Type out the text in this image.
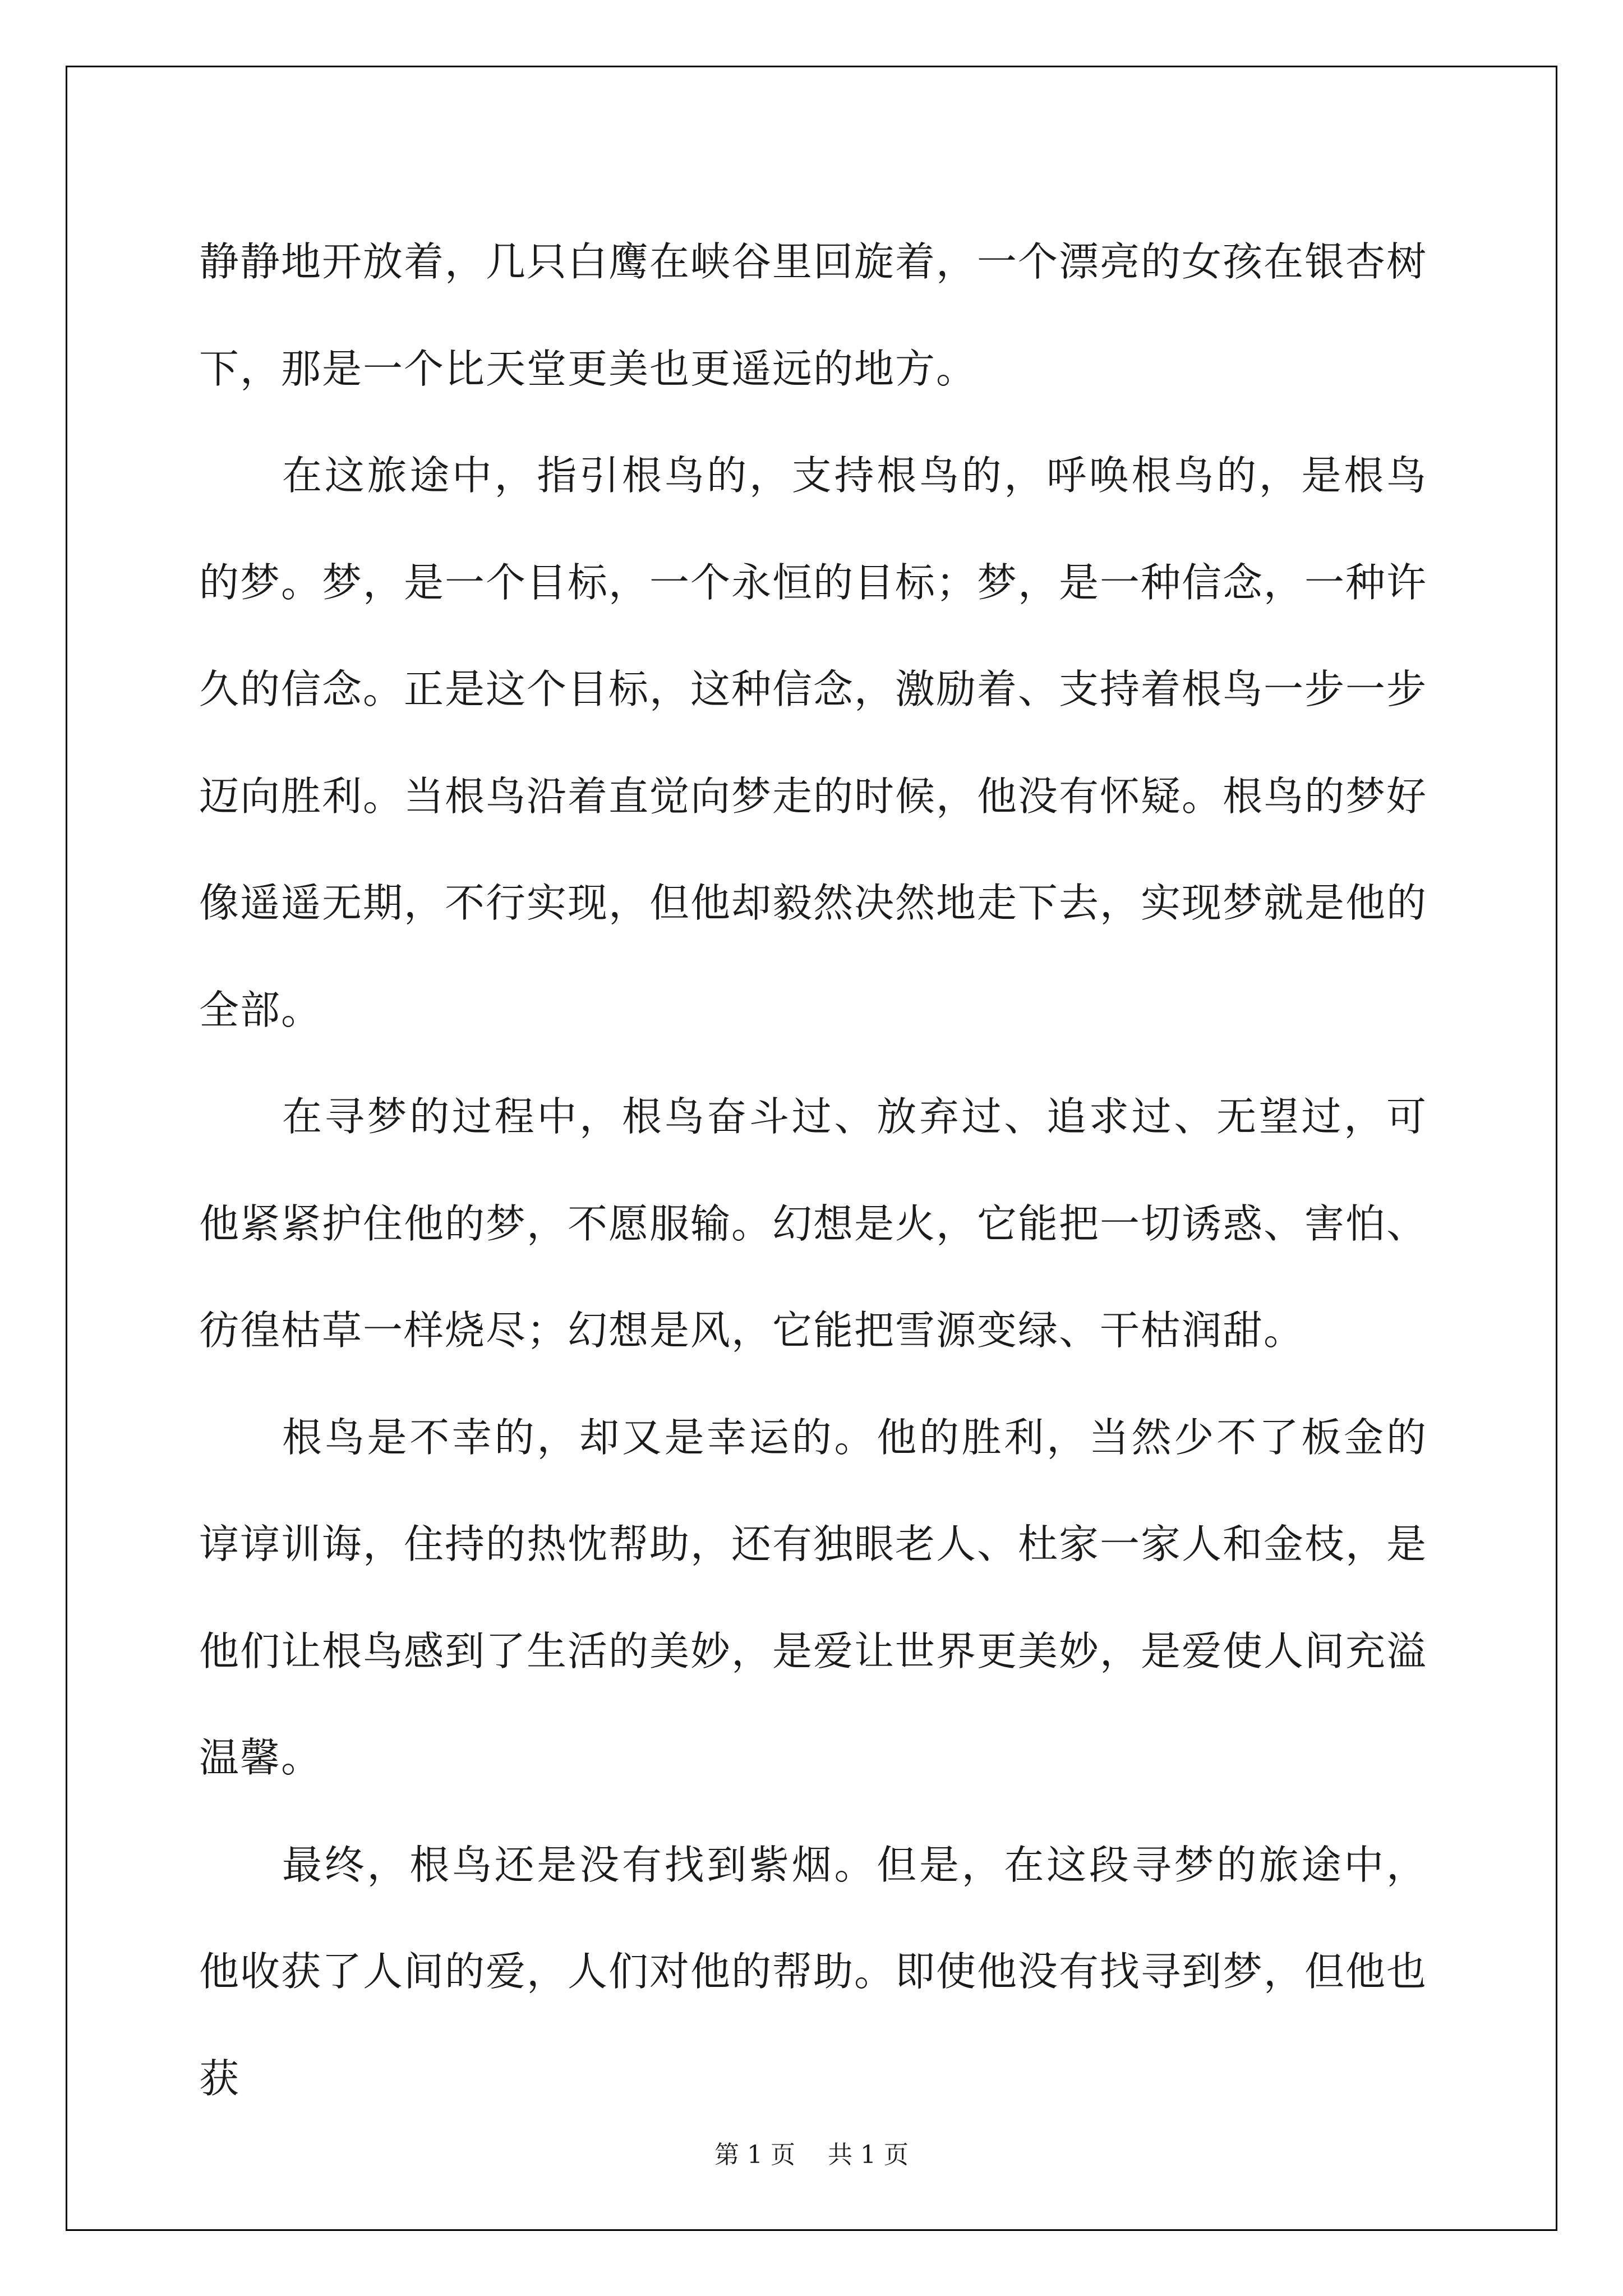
静静地开放着，几只白鹰在峡谷里回旋着，一个漂亮的女孩在银杏树下，那是一个比天堂更美也更遥远的地方。

在这旅途中，指引根鸟的，支持根鸟的，呼唤根鸟的，是根鸟的梦。梦，是一个目标，一个永恒的目标；梦，是一种信念，一种许久的信念。正是这个目标，这种信念，激励着、支持着根鸟一步一步迈向胜利。当根鸟沿着直觉向梦走的时候，他没有怀疑。根鸟的梦好像遥遥无期，不行实现，但他却毅然决然地走下去，实现梦就是他的全部。

在寻梦的过程中，根鸟奋斗过、放弃过、追求过、无望过，可他紧紧护住他的梦，不愿服输。幻想是火，它能把一切诱惑、害怕、彷徨枯草一样烧尽；幻想是风，它能把雪源变绿、干枯润甜。

根鸟是不幸的，却又是幸运的。他的胜利，当然少不了板金的谆谆训诲，住持的热忱帮助，还有独眼老人、杜家一家人和金枝，是他们让根鸟感到了生活的美妙，是爱让世界更美妙，是爱使人间充溢温馨。

最终，根鸟还是没有找到紫烟。但是，在这段寻梦的旅途中，他收获了人间的爱，人们对他的帮助。即使他没有找寻到梦，但他也获

第 1 页　 共 1 页
